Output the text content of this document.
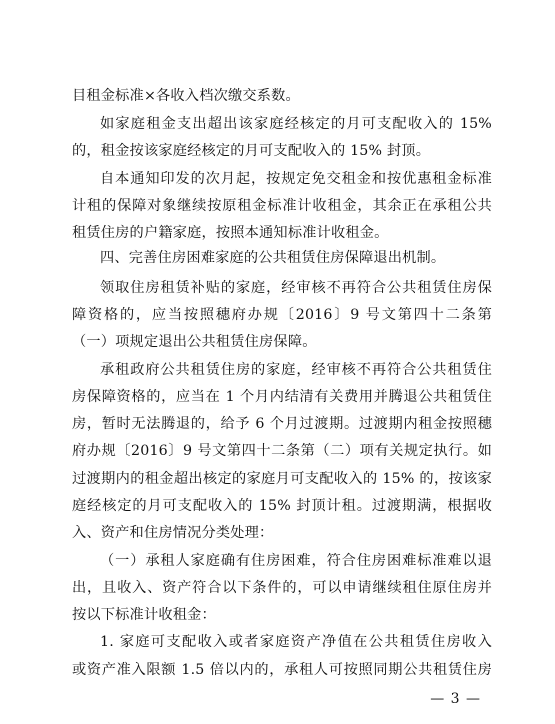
目租金标准×各收入档次缴交系数。
如家庭租金支出超出该家庭经核定的月可支配收入的 15%
的，租金按该家庭经核定的月可支配收入的 15% 封顶。
自本通知印发的次月起，按规定免交租金和按优惠租金标准
计租的保障对象继续按原租金标准计收租金，其余正在承租公共
租赁住房的户籍家庭，按照本通知标准计收租金。
四、完善住房困难家庭的公共租赁住房保障退出机制。
领取住房租赁补贴的家庭，经审核不再符合公共租赁住房保
障资格的，应当按照穗府办规〔2016〕9 号文第四十二条第
（一）项规定退出公共租赁住房保障。
承租政府公共租赁住房的家庭，经审核不再符合公共租赁住
房保障资格的，应当在 1 个月内结清有关费用并腾退公共租赁住
房，暂时无法腾退的，给予 6 个月过渡期。过渡期内租金按照穗
府办规〔2016〕9 号文第四十二条第（二）项有关规定执行。如
过渡期内的租金超出核定的家庭月可支配收入的 15% 的，按该家
庭经核定的月可支配收入的 15% 封顶计租。过渡期满，根据收
入、资产和住房情况分类处理：
（一）承租人家庭确有住房困难，符合住房困难标准难以退
出，且收入、资产符合以下条件的，可以申请继续租住原住房并
按以下标准计收租金：
1. 家庭可支配收入或者家庭资产净值在公共租赁住房收入
或资产准入限额 1.5 倍以内的，承租人可按照同期公共租赁住房
— 3 —
